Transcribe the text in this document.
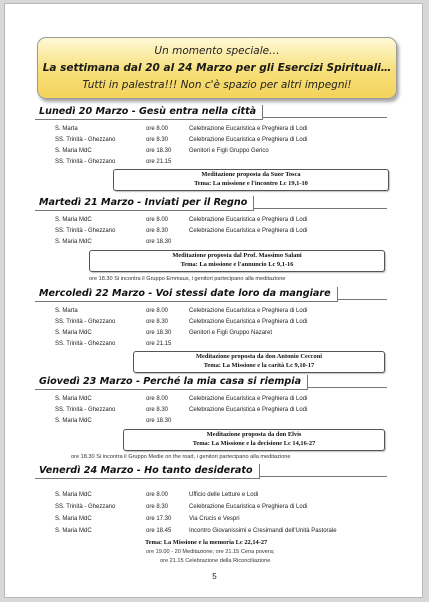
Un momento speciale…
La settimana dal 20 al 24 Marzo per gli Esercizi Spirituali…
Tutti in palestra!!! Non c'è spazio per altri impegni!
Lunedì 20 Marzo - Gesù entra nella città
S. Marta	ore 8.00	Celebrazione Eucaristica e Preghiera di Lodi
SS. Trinità - Ghezzano	ore 8.30	Celebrazione Eucaristica e Preghiera di Lodi
S. Maria MdC	ore 18.30	Genitori e Figli Gruppo Gerico
SS. Trinità - Ghezzano	ore 21.15
Meditazione proposta da Suor Tosca
Tema: La missione e l'incontro Lc 19,1-10
Martedì 21 Marzo - Inviati per il Regno
S. Maria MdC	ore 8.00	Celebrazione Eucaristica e Preghiera di Lodi
SS. Trinità - Ghezzano	ore 8.30	Celebrazione Eucaristica e Preghiera di Lodi
S. Maria MdC	ore 18.30
Meditazione proposta dal Prof. Massimo Salani
Tema: La missione e l'annuncio Lc 9,1-16
ore 18.30 Si incontra il Gruppo Emmaus, i genitori partecipano alla meditazione
Mercoledì 22 Marzo - Voi stessi date loro da mangiare
S. Marta	ore 8.00	Celebrazione Eucaristica e Preghiera di Lodi
SS. Trinità - Ghezzano	ore 8.30	Celebrazione Eucaristica e Preghiera di Lodi
S. Maria MdC	ore 18.30	Genitori e Figli Gruppo Nazaret
SS. Trinità - Ghezzano	ore 21.15
Meditazione proposta da don Antonio Cecconi
Tema: La Missione e la carità Lc 9,10-17
Giovedì 23 Marzo - Perché la mia casa si riempia
S. Maria MdC	ore 8.00	Celebrazione Eucaristica e Preghiera di Lodi
SS. Trinità - Ghezzano	ore 8.30	Celebrazione Eucaristica e Preghiera di Lodi
S. Maria MdC	ore 18.30
Meditazione proposta da don Elvis
Tema: La Missione e la decisione Lc 14,16-27
ore 18.30 Si incontra il Gruppo Medie on the road, i genitori partecipano alla meditazione
Venerdì 24 Marzo - Ho tanto desiderato
S. Maria MdC	ore 8.00	Ufficio delle Letture e Lodi
SS. Trinità - Ghezzano	ore 8.30	Celebrazione Eucaristica e Preghiera di Lodi
S. Maria MdC	ore 17.30	Via Crucis e Vespri
S. Maria MdC	ore 18.45	Incontro Giovanissimi e Cresimandi dell'Unità Pastorale
Tema: La Missione e la memoria Lc 22,14-27
ore 19.00 - 20 Meditazione; ore 21.15 Cena povera;
ore 21.15 Celebrazione della Riconciliazione
5
